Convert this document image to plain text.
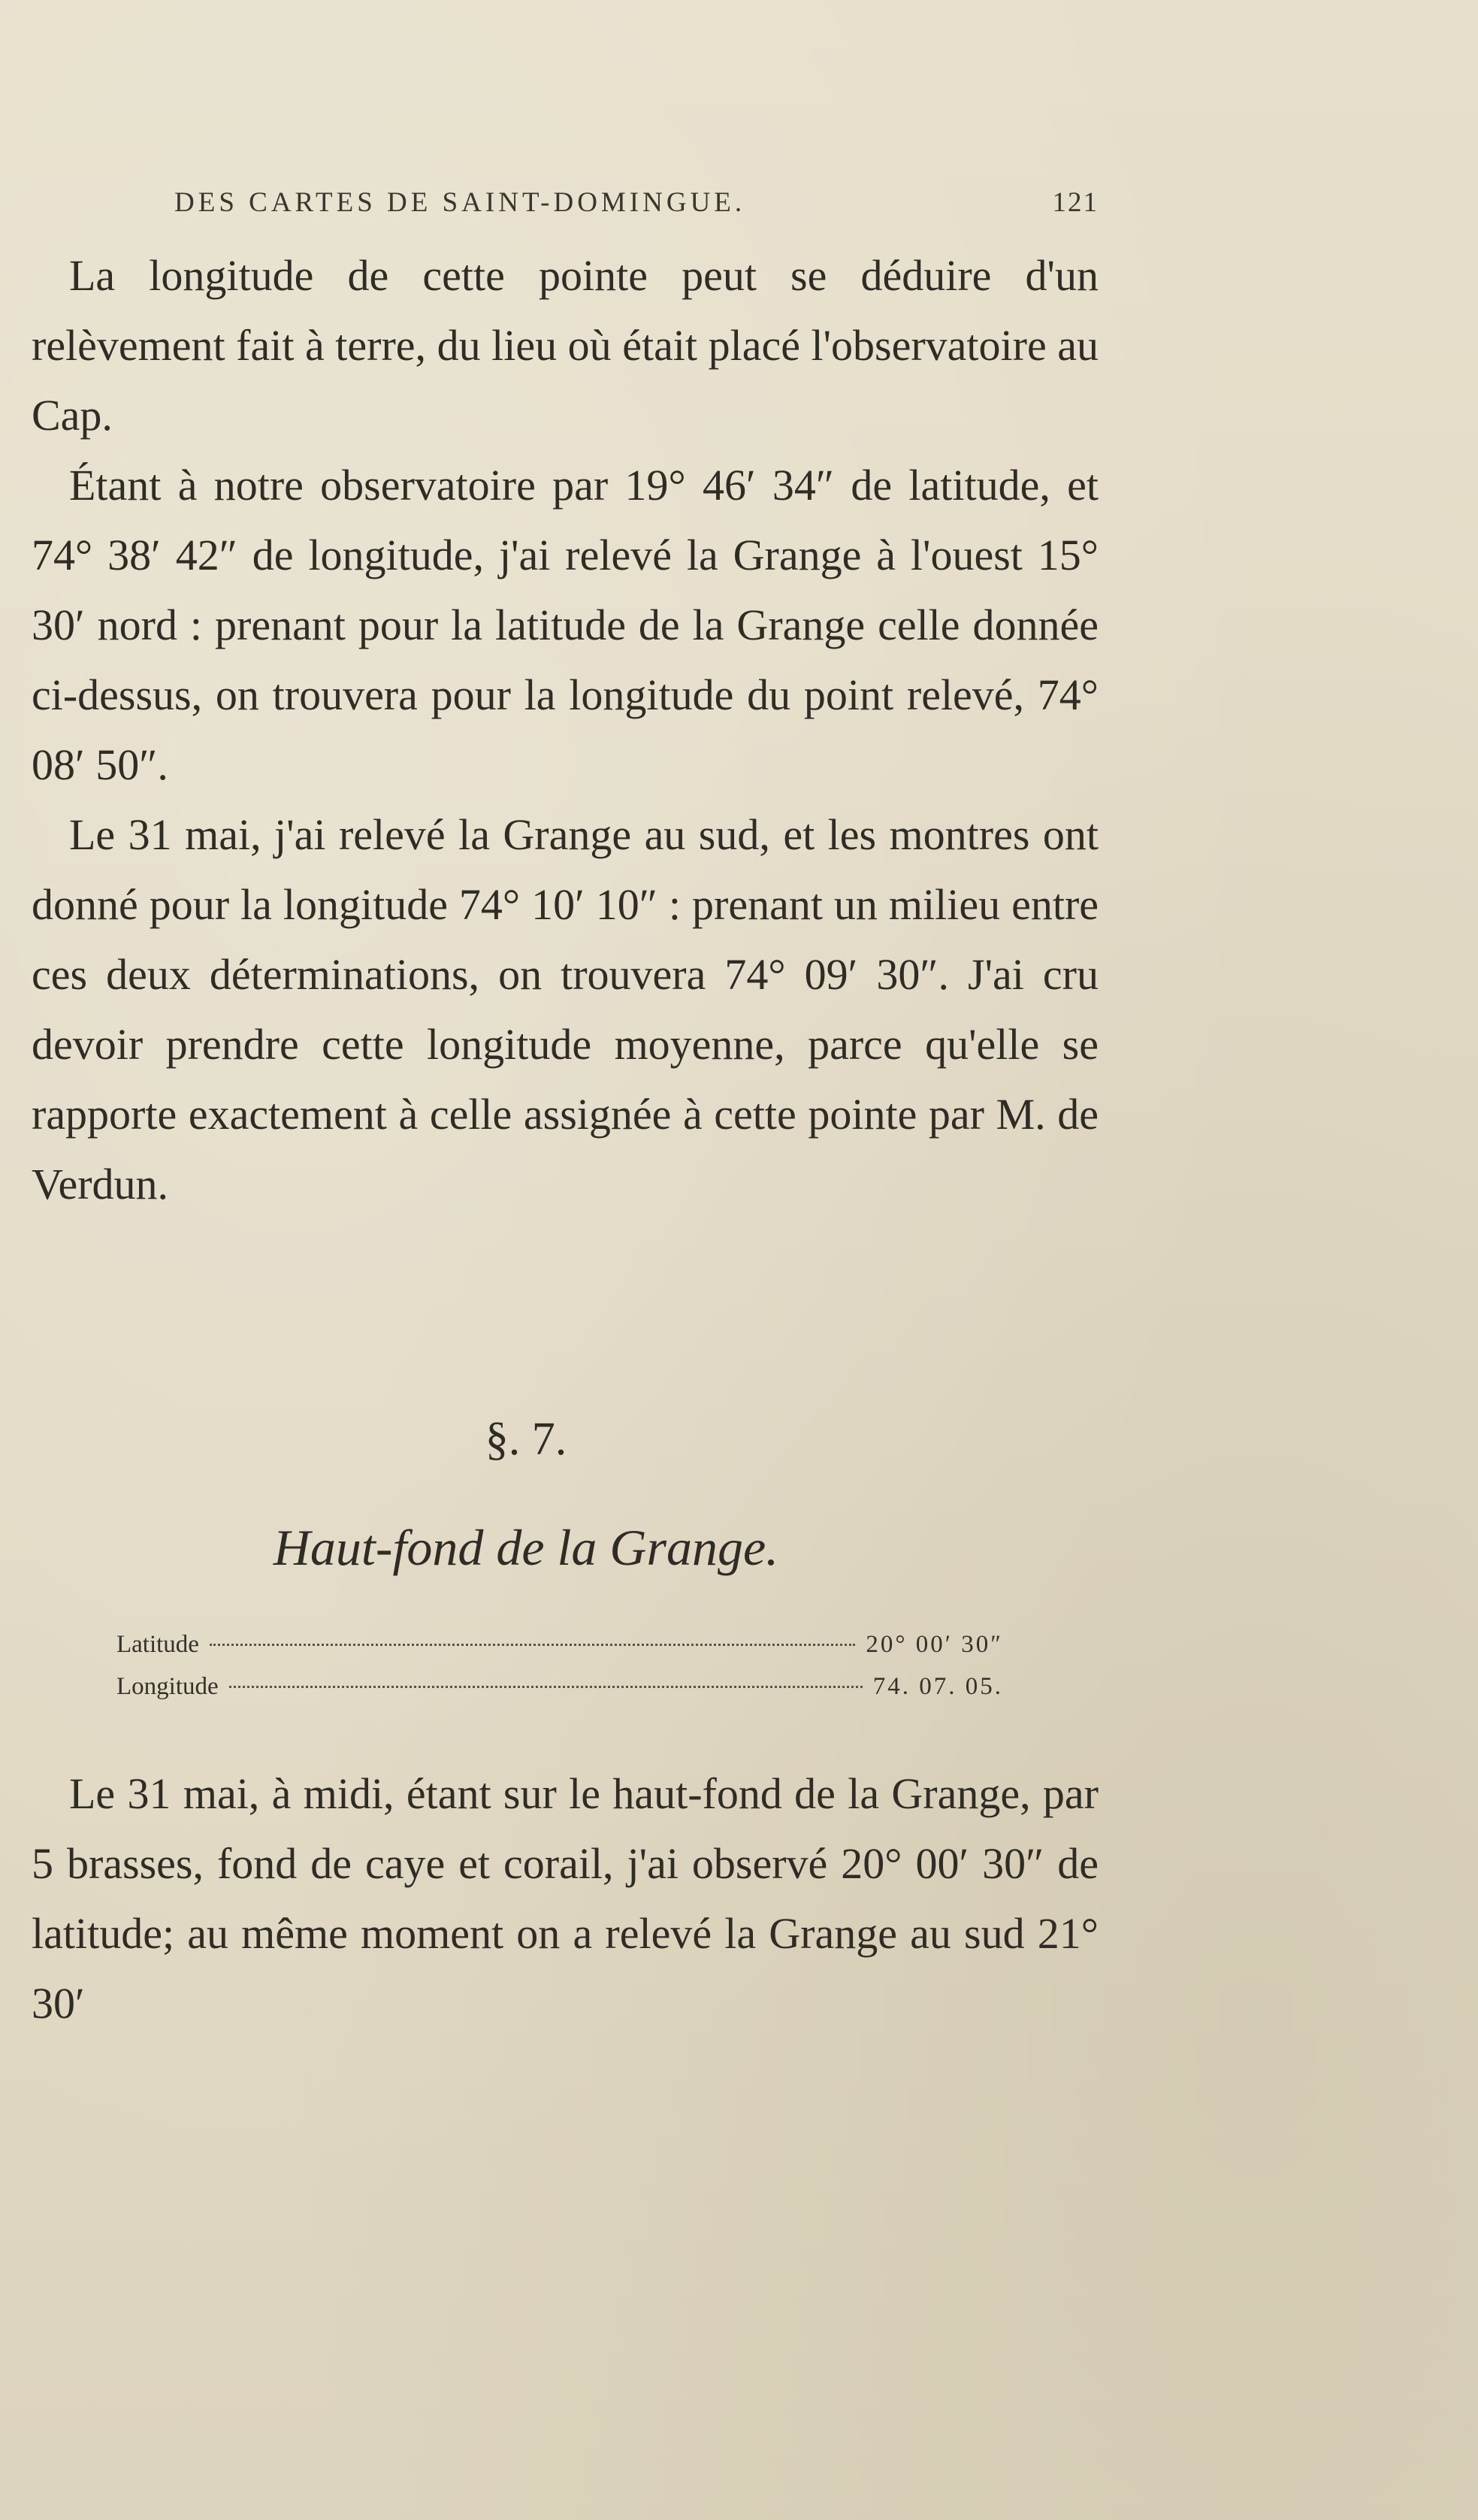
DES CARTES DE SAINT-DOMINGUE.	121

La longitude de cette pointe peut se déduire d'un relèvement fait à terre, du lieu où était placé l'observatoire au Cap.

Étant à notre observatoire par 19° 46′ 34″ de latitude, et 74° 38′ 42″ de longitude, j'ai relevé la Grange à l'ouest 15° 30′ nord : prenant pour la latitude de la Grange celle donnée ci-dessus, on trouvera pour la longitude du point relevé, 74° 08′ 50″.

Le 31 mai, j'ai relevé la Grange au sud, et les montres ont donné pour la longitude 74° 10′ 10″ : prenant un milieu entre ces deux déterminations, on trouvera 74° 09′ 30″. J'ai cru devoir prendre cette longitude moyenne, parce qu'elle se rapporte exactement à celle assignée à cette pointe par M. de Verdun.

§. 7.
Haut-fond de la Grange.
Latitude	20° 00′ 30″
Longitude	74. 07. 05.

Le 31 mai, à midi, étant sur le haut-fond de la Grange, par 5 brasses, fond de caye et corail, j'ai observé 20° 00′ 30″ de latitude; au même moment on a relevé la Grange au sud 21° 30′
